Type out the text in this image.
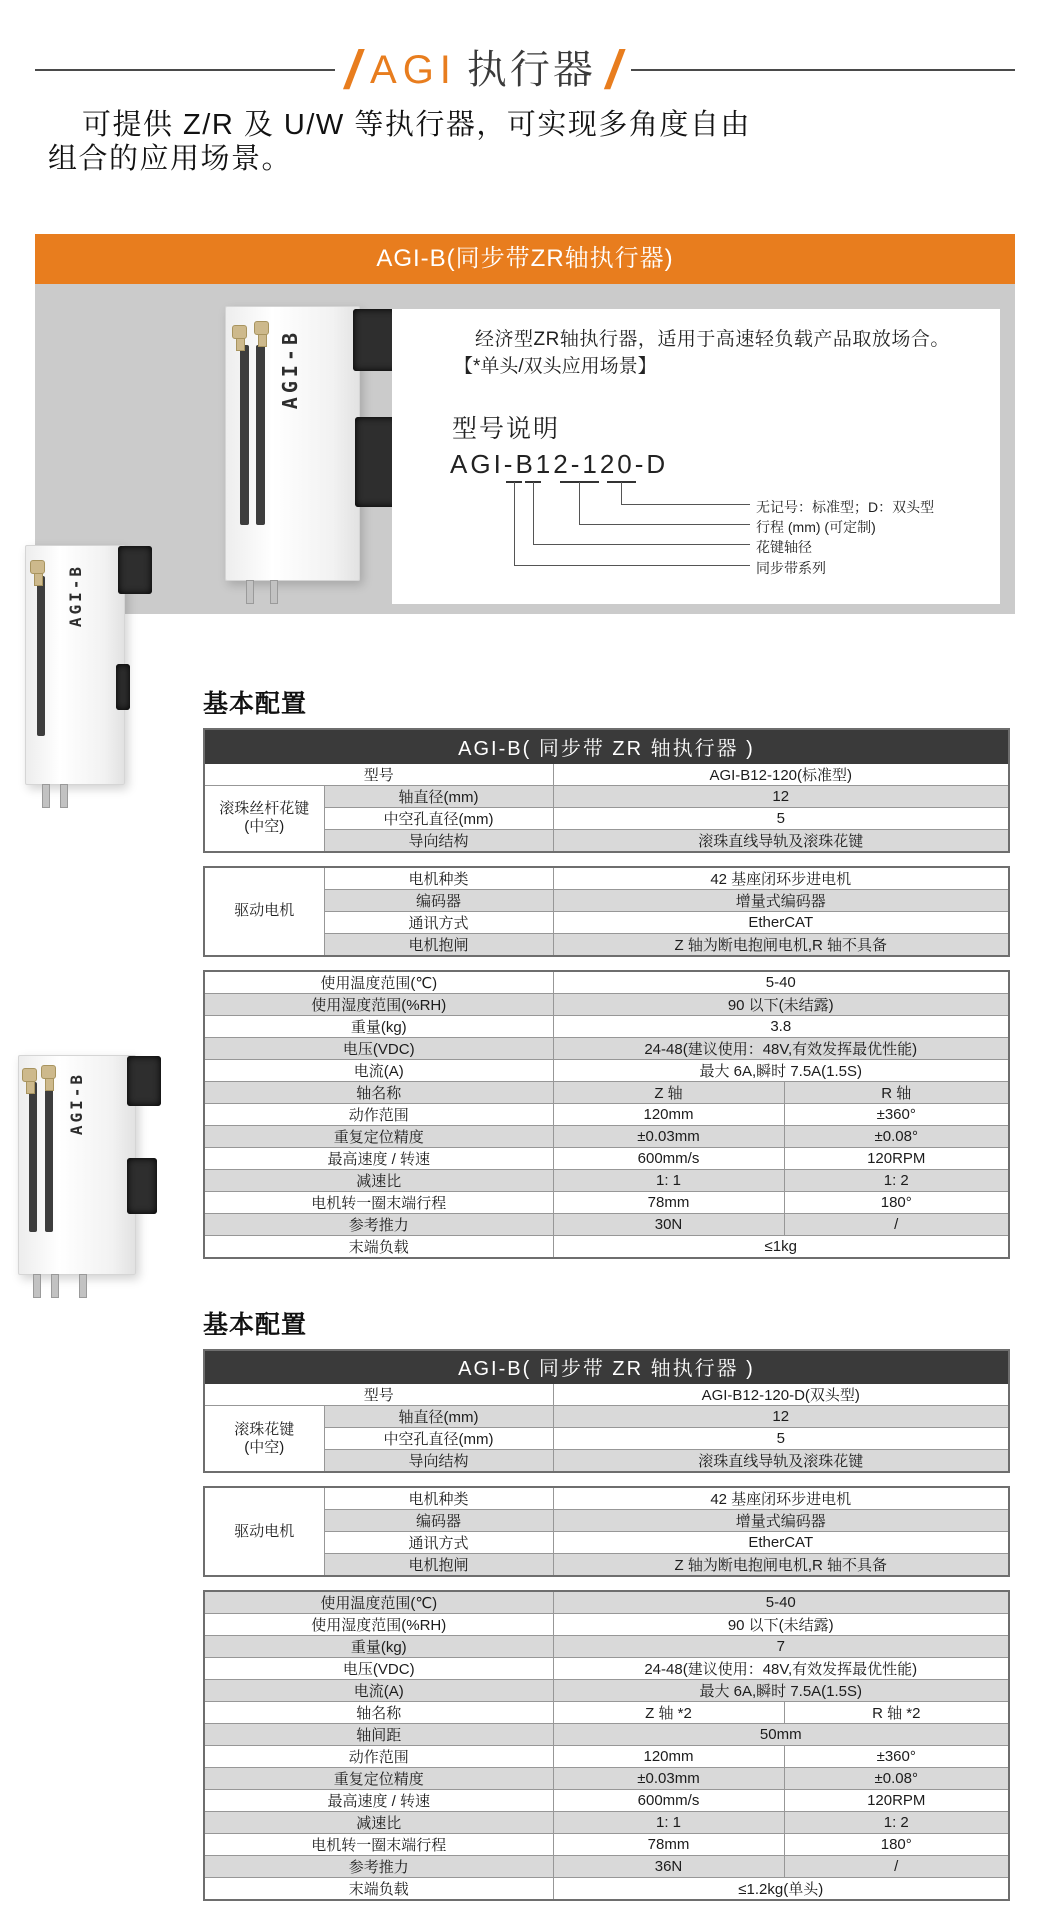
/ AGI 执行器 /
可提供 Z/R 及 U/W 等执行器，可实现多角度自由
组合的应用场景。
AGI-B(同步带ZR轴执行器)
AGI-B	经济型ZR轴执行器，适用于高速轻负载产品取放场合。
【*单头/双头应用场景】
型号说明
AGI-B12-120-D
无记号：标准型；D：双头型
行程 (mm) (可定制)
花键轴径
同步带系列
AGI-B
AGI-B
基本配置
AGI-B( 同步带 ZR 轴执行器 )		
型号		AGI-B12-120(标准型)
滚珠丝杆花键
(中空)	轴直径(mm)	12
	中空孔直径(mm)	5
	导向结构	滚珠直线导轨及滚珠花键
驱动电机	电机种类	42 基座闭环步进电机
	编码器	增量式编码器
	通讯方式	EtherCAT
	电机抱闸	Z 轴为断电抱闸电机,R 轴不具备
使用温度范围(℃)	5-40	
使用湿度范围(%RH)	90 以下(未结露)	
重量(kg)	3.8	
电压(VDC)	24-48(建议使用：48V,有效发挥最优性能)	
电流(A)	最大 6A,瞬时 7.5A(1.5S)	
轴名称	Z 轴	R 轴
动作范围	120mm	±360°
重复定位精度	±0.03mm	±0.08°
最高速度 / 转速	600mm/s	120RPM
减速比	1: 1	1: 2
电机转一圈末端行程	78mm	180°
参考推力	30N	/
末端负载	≤1kg	
基本配置
AGI-B( 同步带 ZR 轴执行器 )		
型号		AGI-B12-120-D(双头型)
滚珠花键
(中空)	轴直径(mm)	12
	中空孔直径(mm)	5
	导向结构	滚珠直线导轨及滚珠花键
驱动电机	电机种类	42 基座闭环步进电机
	编码器	增量式编码器
	通讯方式	EtherCAT
	电机抱闸	Z 轴为断电抱闸电机,R 轴不具备
使用温度范围(℃)	5-40	
使用湿度范围(%RH)	90 以下(未结露)	
重量(kg)	7	
电压(VDC)	24-48(建议使用：48V,有效发挥最优性能)	
电流(A)	最大 6A,瞬时 7.5A(1.5S)	
轴名称	Z 轴 *2	R 轴 *2
轴间距	50mm	
动作范围	120mm	±360°
重复定位精度	±0.03mm	±0.08°
最高速度 / 转速	600mm/s	120RPM
减速比	1: 1	1: 2
电机转一圈末端行程	78mm	180°
参考推力	36N	/
末端负载	≤1.2kg(单头)	
